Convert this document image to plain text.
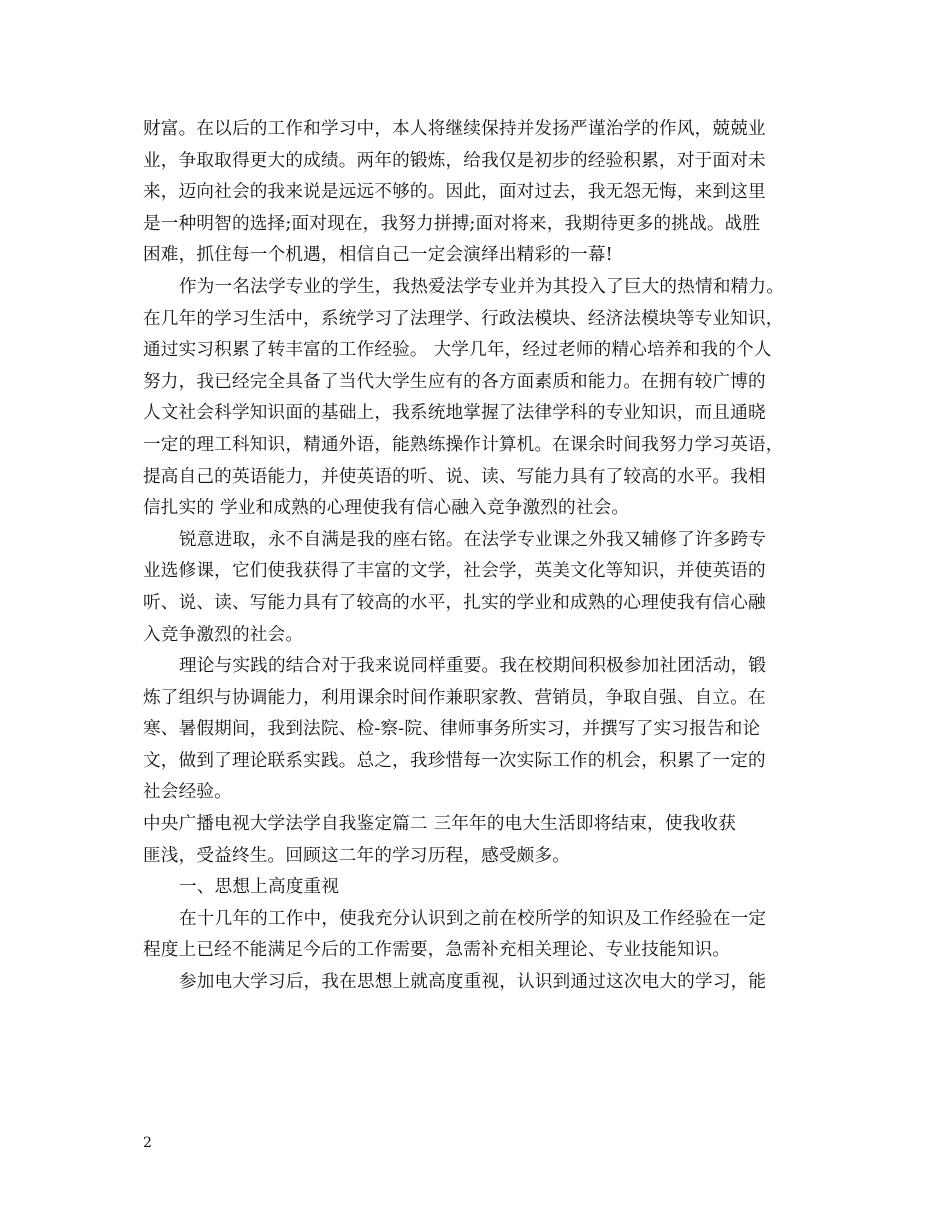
财富。在以后的工作和学习中，本人将继续保持并发扬严谨治学的作风，兢兢业
业，争取取得更大的成绩。两年的锻炼，给我仅是初步的经验积累，对于面对未
来，迈向社会的我来说是远远不够的。因此，面对过去，我无怨无悔，来到这里
是一种明智的选择;面对现在，我努力拼搏;面对将来，我期待更多的挑战。战胜
困难，抓住每一个机遇，相信自己一定会演绎出精彩的一幕!
作为一名法学专业的学生，我热爱法学专业并为其投入了巨大的热情和精力。
在几年的学习生活中，系统学习了法理学、行政法模块、经济法模块等专业知识，
通过实习积累了转丰富的工作经验。 大学几年，经过老师的精心培养和我的个人
努力，我已经完全具备了当代大学生应有的各方面素质和能力。在拥有较广博的
人文社会科学知识面的基础上，我系统地掌握了法律学科的专业知识，而且通晓
一定的理工科知识，精通外语，能熟练操作计算机。在课余时间我努力学习英语，
提高自己的英语能力，并使英语的听、说、读、写能力具有了较高的水平。我相
信扎实的 学业和成熟的心理使我有信心融入竞争激烈的社会。
锐意进取，永不自满是我的座右铭。在法学专业课之外我又辅修了许多跨专
业选修课，它们使我获得了丰富的文学，社会学，英美文化等知识，并使英语的
听、说、读、写能力具有了较高的水平，扎实的学业和成熟的心理使我有信心融
入竞争激烈的社会。
理论与实践的结合对于我来说同样重要。我在校期间积极参加社团活动，锻
炼了组织与协调能力，利用课余时间作兼职家教、营销员，争取自强、自立。在
寒、暑假期间，我到法院、检-察-院、律师事务所实习，并撰写了实习报告和论
文，做到了理论联系实践。总之，我珍惜每一次实际工作的机会，积累了一定的
社会经验。
中央广播电视大学法学自我鉴定篇二 三年年的电大生活即将结束，使我收获
匪浅，受益终生。回顾这二年的学习历程，感受颇多。
一、思想上高度重视
在十几年的工作中，使我充分认识到之前在校所学的知识及工作经验在一定
程度上已经不能满足今后的工作需要，急需补充相关理论、专业技能知识。
参加电大学习后，我在思想上就高度重视，认识到通过这次电大的学习，能
2
